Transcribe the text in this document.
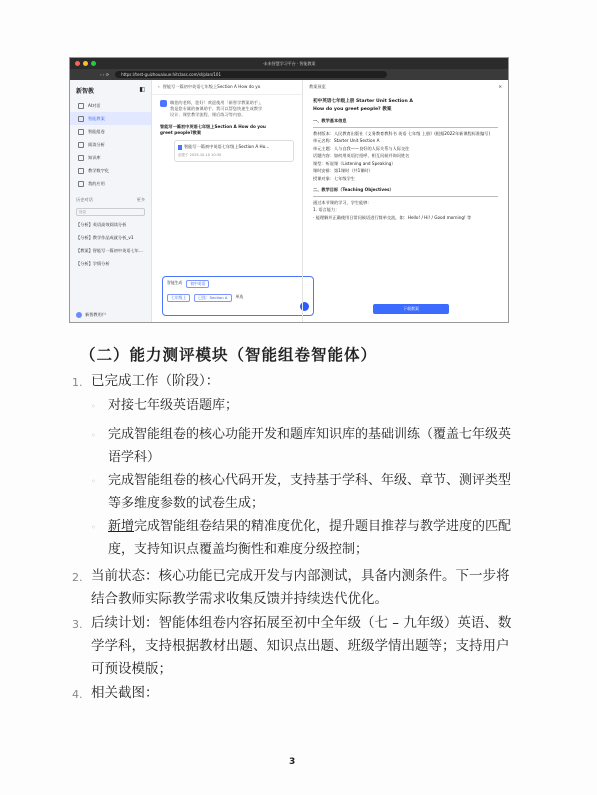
·未来智慧学习平台 · 智能教案
‹ › ⟳	https://test-guizhouaixue.hitclass.com/sl/plan/101
新智教	◧
AI对话
智能教案
智能组卷
阅读分析
知识库
教学数字化
我的应用
历史对话	更多
搜索
【分析】英语高效阅读分析
【分析】教学作品成就分析_v1
【教案】智能写一篇初中英语七年…
【分析】学情分析
新智教用户
‹ 智能写一篇初中英语七年级上Section A How do yo
嗨您的老师，您好！欢迎使用「新智学教案助手」，我是您专属的备课助手。我可以帮您快速生成教学设计、课堂教学流程、课后练习等内容。
智能写一篇初中英语七年级上Section A How do you greet people?教案
智能写一篇初中英语七年级上Section A Ho…
创建于 2025-10-10 10:30
智能生成	初中英语
七年级上	已选：Section A	单选
教案预览	✕
初中英语七年级上册 Starter Unit Section A
How do you greet people? 教案
一、教学基本信息
教材版本：人民教育出版社《义务教育教科书 英语 七年级 上册》(根据2022年新课程标准编写)
单元名称：Starter Unit Section A
单元主题：人与自我——良好的人际关系与人际交往
话题内容：如何用英语打招呼、相互问候并询问姓名
课型：听说课（Listening and Speaking）
课时安排：第1课时（共1课时）
授课对象：七年级学生
二、教学目标（Teaching Objectives）
通过本节课的学习，学生能够：
1. 语言能力：
· 能理解并正确使用日常问候语进行简单交流，如：Hello! / Hi! / Good morning! 等
下载教案
（二）能力测评模块（智能组卷智能体）
1. 已完成工作（阶段）：
◦ 对接七年级英语题库；
◦ 完成智能组卷的核心功能开发和题库知识库的基础训练（覆盖七年级英语学科）
◦ 完成智能组卷的核心代码开发，支持基于学科、年级、章节、测评类型等多维度参数的试卷生成；
◦ 新增完成智能组卷结果的精准度优化，提升题目推荐与教学进度的匹配度，支持知识点覆盖均衡性和难度分级控制；
2. 当前状态：核心功能已完成开发与内部测试，具备内测条件。下一步将结合教师实际教学需求收集反馈并持续迭代优化。
3. 后续计划：智能体组卷内容拓展至初中全年级（七 – 九年级）英语、数学学科，支持根据教材出题、知识点出题、班级学情出题等；支持用户可预设模版；
4. 相关截图：
3
